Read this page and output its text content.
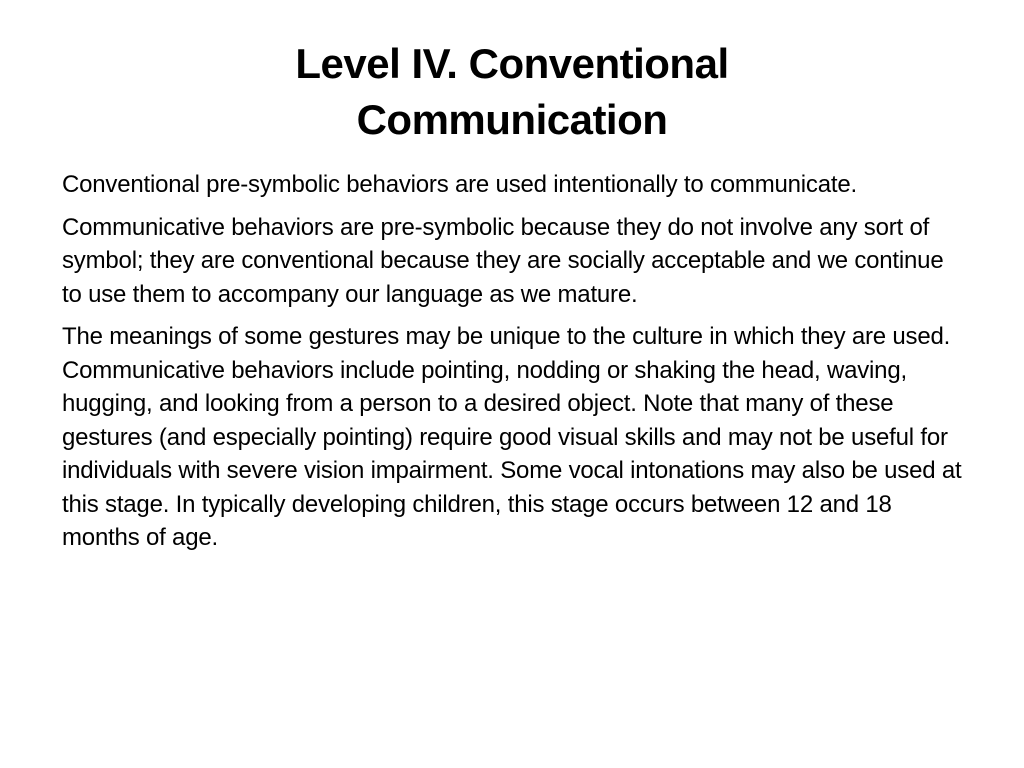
Level IV. Conventional
Communication

Conventional pre-symbolic behaviors are used intentionally to communicate.

Communicative behaviors are pre-symbolic because they do not involve any sort of symbol; they are conventional because they are socially acceptable and we continue to use them to accompany our language as we mature.

The meanings of some gestures may be unique to the culture in which they are used. Communicative behaviors include pointing, nodding or shaking the head, waving, hugging, and looking from a person to a desired object. Note that many of these gestures (and especially pointing) require good visual skills and may not be useful for individuals with severe vision impairment. Some vocal intonations may also be used at this stage. In typically developing children, this stage occurs between 12 and 18 months of age.
